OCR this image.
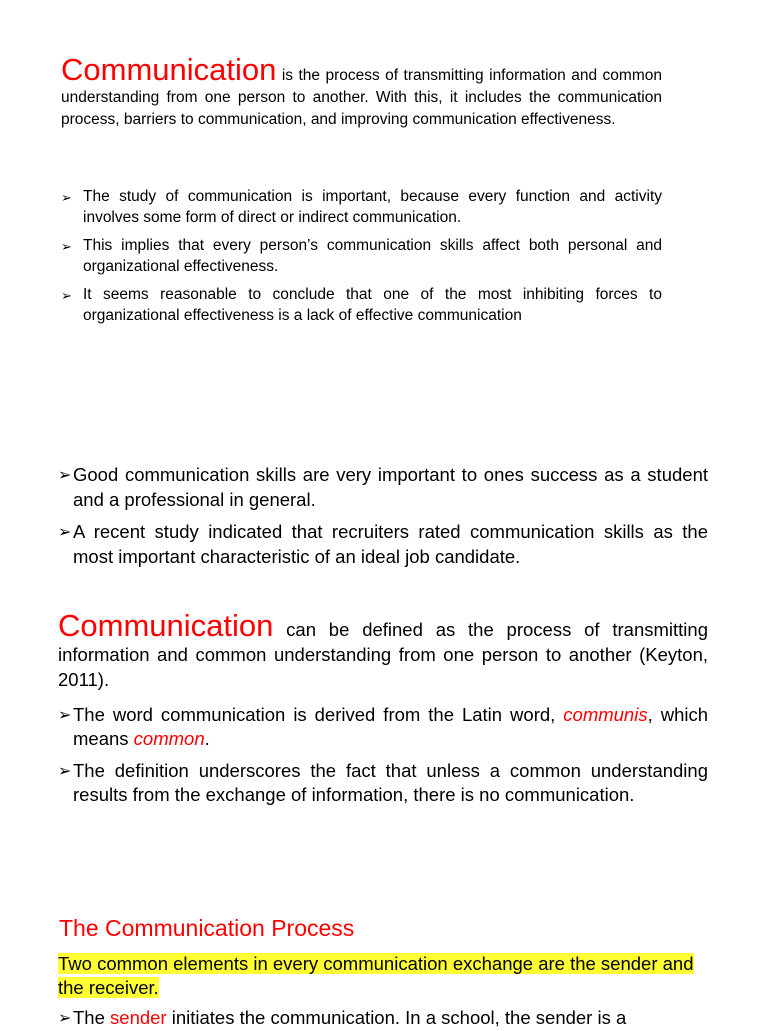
Communication is the process of transmitting information and common understanding from one person to another. With this, it includes the communication process, barriers to communication, and improving communication effectiveness.

➢ The study of communication is important, because every function and activity involves some form of direct or indirect communication.

➢ This implies that every person’s communication skills affect both personal and organizational effectiveness.

➢ It seems reasonable to conclude that one of the most inhibiting forces to organizational effectiveness is a lack of effective communication

➢ Good communication skills are very important to ones success as a student and a professional in general.

➢ A recent study indicated that recruiters rated communication skills as the most important characteristic of an ideal job candidate.

Communication can be defined as the process of transmitting information and common understanding from one person to another (Keyton, 2011).

➢ The word communication is derived from the Latin word, communis, which means common.

➢ The definition underscores the fact that unless a common understanding results from the exchange of information, there is no communication.

The Communication Process
Two common elements in every communication exchange are the sender and the receiver.

➢ The sender initiates the communication. In a school, the sender is a
